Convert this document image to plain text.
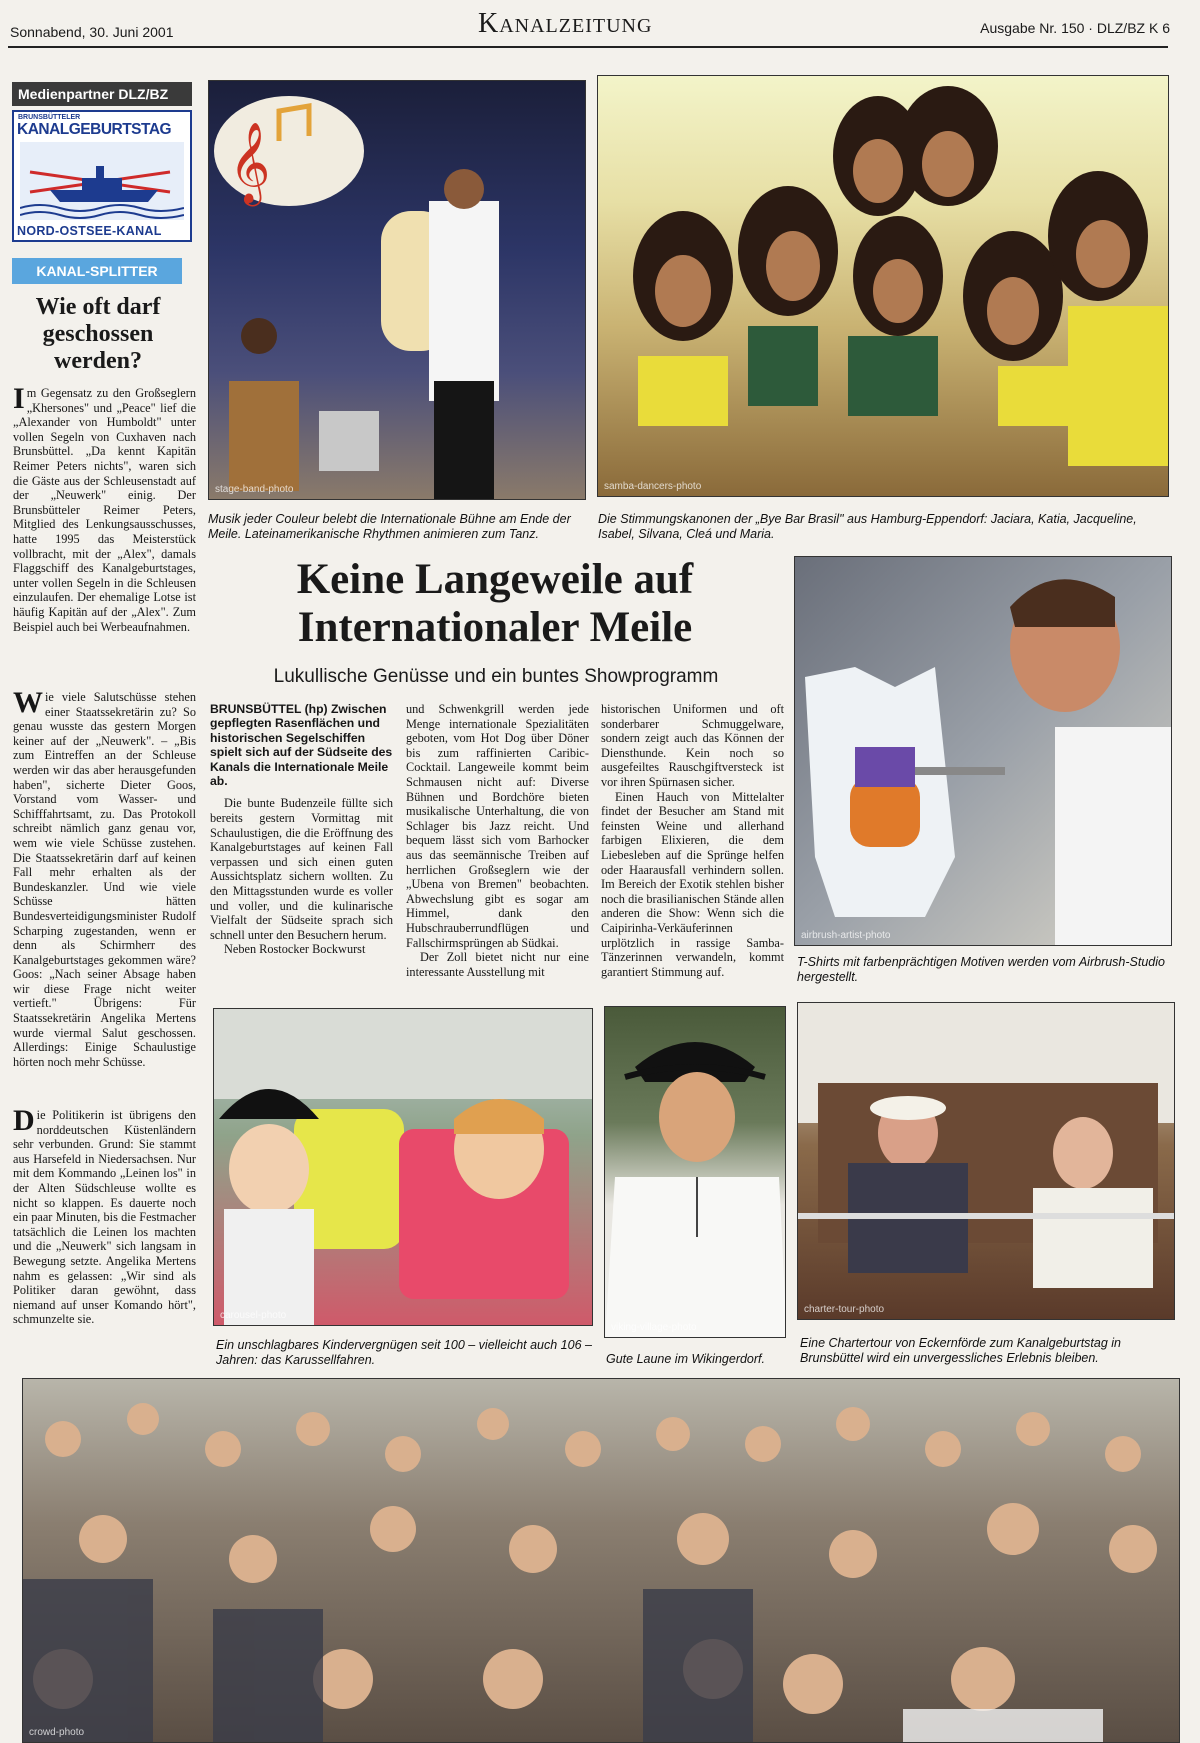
Sonnabend, 30. Juni 2001	Kanalzeitung	Ausgabe Nr. 150 · DLZ/BZ K 6
Medienpartner DLZ/BZ
BRUNSBÜTTELER
KANALGEBURTSTAG
NORD-OSTSEE-KANAL
KANAL-SPLITTER
Wie oft darf geschossen werden?
Im Gegensatz zu den Großseglern „Khersones" und „Peace" lief die „Alexander von Humboldt" unter vollen Segeln von Cuxhaven nach Brunsbüttel. „Da kennt Kapitän Reimer Peters nichts", waren sich die Gäste aus der Schleusenstadt auf der „Neuwerk" einig. Der Brunsbütteler Reimer Peters, Mitglied des Lenkungsausschusses, hatte 1995 das Meisterstück vollbracht, mit der „Alex", damals Flaggschiff des Kanalgeburtstages, unter vollen Segeln in die Schleusen einzulaufen. Der ehemalige Lotse ist häufig Kapitän auf der „Alex". Zum Beispiel auch bei Werbeaufnahmen.
Wie viele Salutschüsse stehen einer Staatssekretärin zu? So genau wusste das gestern Morgen keiner auf der „Neuwerk". – „Bis zum Eintreffen an der Schleuse werden wir das aber herausgefunden haben", sicherte Dieter Goos, Vorstand vom Wasser- und Schifffahrtsamt, zu. Das Protokoll schreibt nämlich ganz genau vor, wem wie viele Schüsse zustehen. Die Staatssekretärin darf auf keinen Fall mehr erhalten als der Bundeskanzler. Und wie viele Schüsse hätten Bundesverteidigungsminister Rudolf Scharping zugestanden, wenn er denn als Schirmherr des Kanalgeburtstages gekommen wäre? Goos: „Nach seiner Absage haben wir diese Frage nicht weiter vertieft." Übrigens: Für Staatssekretärin Angelika Mertens wurde viermal Salut geschossen. Allerdings: Einige Schaulustige hörten noch mehr Schüsse.
Die Politikerin ist übrigens den norddeutschen Küstenländern sehr verbunden. Grund: Sie stammt aus Harsefeld in Niedersachsen. Nur mit dem Kommando „Leinen los" in der Alten Südschleuse wollte es nicht so klappen. Es dauerte noch ein paar Minuten, bis die Festmacher tatsächlich die Leinen los machten und die „Neuwerk" sich langsam in Bewegung setzte. Angelika Mertens nahm es gelassen: „Wir sind als Politiker daran gewöhnt, dass niemand auf unser Komando hört", schmunzelte sie.
𝄞
stage-band-photo	samba-dancers-photo
Musik jeder Couleur belebt die Internationale Bühne am Ende der Meile. Lateinamerikanische Rhythmen animieren zum Tanz.
Die Stimmungskanonen der „Bye Bar Brasil" aus Hamburg-Eppendorf: Jaciara, Katia, Jacqueline, Isabel, Silvana, Cleá und Maria.
Keine Langeweile auf
Internationaler Meile
Lukullische Genüsse und ein buntes Showprogramm

BRUNSBÜTTEL (hp) Zwischen gepflegten Rasenflächen und historischen Segelschiffen spielt sich auf der Südseite des Kanals die Internationale Meile ab.

Die bunte Budenzeile füllte sich bereits gestern Vormittag mit Schaulustigen, die die Eröffnung des Kanalgeburtstages auf keinen Fall verpassen und sich einen guten Aussichtsplatz sichern wollten. Zu den Mittagsstunden wurde es voller und voller, und die kulinarische Vielfalt der Südseite sprach sich schnell unter den Besuchern herum.

Neben Rostocker Bockwurst

und Schwenkgrill werden jede Menge internationale Spezialitäten geboten, vom Hot Dog über Döner bis zum raffinierten Caribic-Cocktail. Langeweile kommt beim Schmausen nicht auf: Diverse Bühnen und Bordchöre bieten musikalische Unterhaltung, die von Schlager bis Jazz reicht. Und bequem lässt sich vom Barhocker aus das seemännische Treiben auf herrlichen Großseglern wie der „Ubena von Bremen" beobachten. Abwechslung gibt es sogar am Himmel, dank den Hubschrauberrundflügen und Fallschirmsprüngen ab Südkai.

Der Zoll bietet nicht nur eine interessante Ausstellung mit

historischen Uniformen und oft sonderbarer Schmuggelware, sondern zeigt auch das Können der Diensthunde. Kein noch so ausgefeiltes Rauschgiftversteck ist vor ihren Spürnasen sicher.

Einen Hauch von Mittelalter findet der Besucher am Stand mit feinsten Weine und allerhand farbigen Elixieren, die dem Liebesleben auf die Sprünge helfen oder Haarausfall verhindern sollen. Im Bereich der Exotik stehlen bisher noch die brasilianischen Stände allen anderen die Show: Wenn sich die Caipirinha-Verkäuferinnen urplötzlich in rassige Samba-Tänzerinnen verwandeln, kommt garantiert Stimmung auf.

airbrush-artist-photo
T-Shirts mit farbenprächtigen Motiven werden vom Airbrush-Studio hergestellt.
carousel-photo
viking-village-photo
charter-tour-photo
Ein unschlagbares Kindervergnügen seit 100 – vielleicht auch 106 – Jahren: das Karussellfahren.	Gute Laune im Wikingerdorf.
Eine Chartertour von Eckernförde zum Kanalgeburtstag in Brunsbüttel wird ein unvergessliches Erlebnis bleiben.
crowd-photo
